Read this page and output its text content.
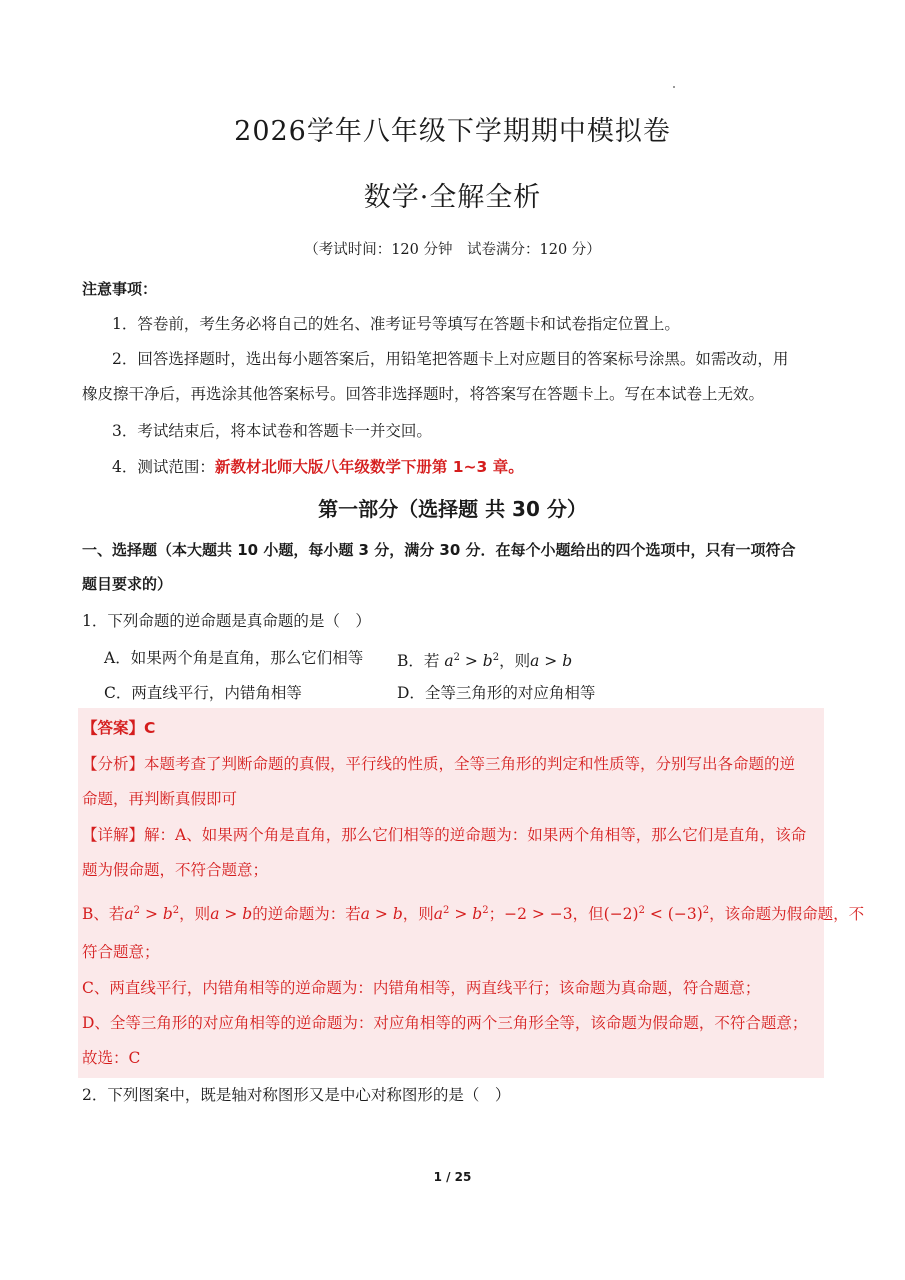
2026学年八年级下学期期中模拟卷
数学·全解全析
（考试时间：120 分钟　试卷满分：120 分）
注意事项：
1．答卷前，考生务必将自己的姓名、准考证号等填写在答题卡和试卷指定位置上。
2．回答选择题时，选出每小题答案后，用铅笔把答题卡上对应题目的答案标号涂黑。如需改动，用
橡皮擦干净后，再选涂其他答案标号。回答非选择题时，将答案写在答题卡上。写在本试卷上无效。
3．考试结束后，将本试卷和答题卡一并交回。
4．测试范围：新教材北师大版八年级数学下册第 1~3 章。
第一部分（选择题 共 30 分）
一、选择题（本大题共 10 小题，每小题 3 分，满分 30 分．在每个小题给出的四个选项中，只有一项符合
题目要求的）
1．下列命题的逆命题是真命题的是（　）
A．如果两个角是直角，那么它们相等 B．若 $a^2 > b^2$，则a > b
C．两直线平行，内错角相等	D．全等三角形的对应角相等
【答案】C
【分析】本题考查了判断命题的真假，平行线的性质，全等三角形的判定和性质等，分别写出各命题的逆
命题，再判断真假即可
【详解】解：A、如果两个角是直角，那么它们相等的逆命题为：如果两个角相等，那么它们是直角，该命
题为假命题，不符合题意；
B、若$a^2 > b^2$，则a > b的逆命题为：若a > b，则$a^2 > b^2$；−2 > −3，但$(-2)^2 < (-3)^2$，该命题为假命题，不
符合题意；
C、两直线平行，内错角相等的逆命题为：内错角相等，两直线平行；该命题为真命题，符合题意；
D、全等三角形的对应角相等的逆命题为：对应角相等的两个三角形全等，该命题为假命题，不符合题意；
故选：C
2．下列图案中，既是轴对称图形又是中心对称图形的是（　）
1 / 25
